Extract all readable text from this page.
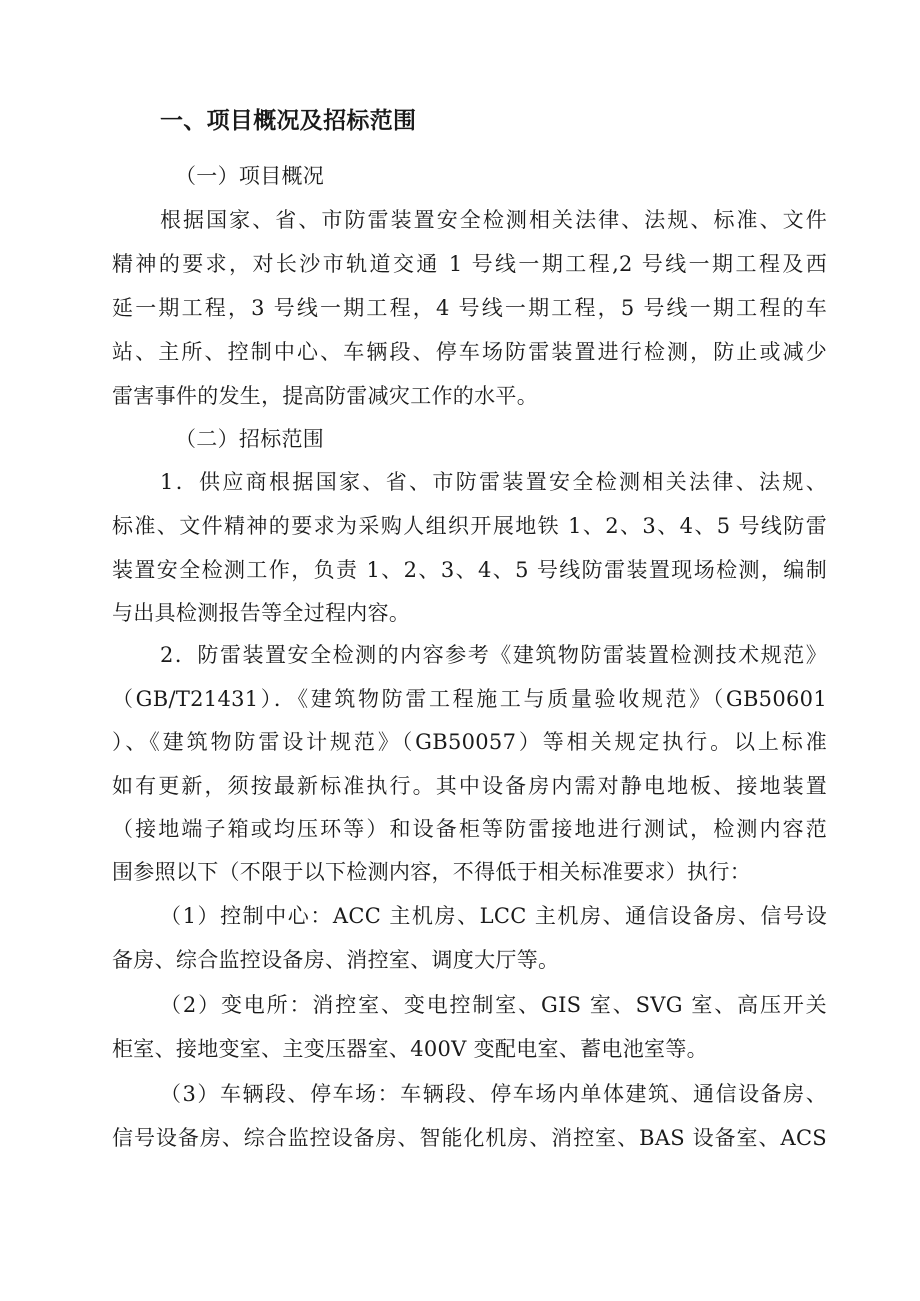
一、项目概况及招标范围
（一）项目概况
根据国家、省、市防雷装置安全检测相关法律、法规、标准、文件
精神的要求，对长沙市轨道交通 1 号线一期工程,2 号线一期工程及西
延一期工程，3 号线一期工程，4 号线一期工程，5 号线一期工程的车
站、主所、控制中心、车辆段、停车场防雷装置进行检测，防止或减少
雷害事件的发生，提高防雷减灾工作的水平。
（二）招标范围
1．供应商根据国家、省、市防雷装置安全检测相关法律、法规、
标准、文件精神的要求为采购人组织开展地铁 1、2、3、4、5 号线防雷
装置安全检测工作，负责 1、2、3、4、5 号线防雷装置现场检测，编制
与出具检测报告等全过程内容。
2．防雷装置安全检测的内容参考《建筑物防雷装置检测技术规范》
（GB/T21431）．《建筑物防雷工程施工与质量验收规范》（GB50601
）、《建筑物防雷设计规范》（GB50057）等相关规定执行。以上标准
如有更新，须按最新标准执行。其中设备房内需对静电地板、接地装置
（接地端子箱或均压环等）和设备柜等防雷接地进行测试，检测内容范
围参照以下（不限于以下检测内容，不得低于相关标准要求）执行：
（1）控制中心：ACC 主机房、LCC 主机房、通信设备房、信号设
备房、综合监控设备房、消控室、调度大厅等。
（2）变电所：消控室、变电控制室、GIS 室、SVG 室、高压开关
柜室、接地变室、主变压器室、400V 变配电室、蓄电池室等。
（3）车辆段、停车场：车辆段、停车场内单体建筑、通信设备房、
信号设备房、综合监控设备房、智能化机房、消控室、BAS 设备室、ACS
